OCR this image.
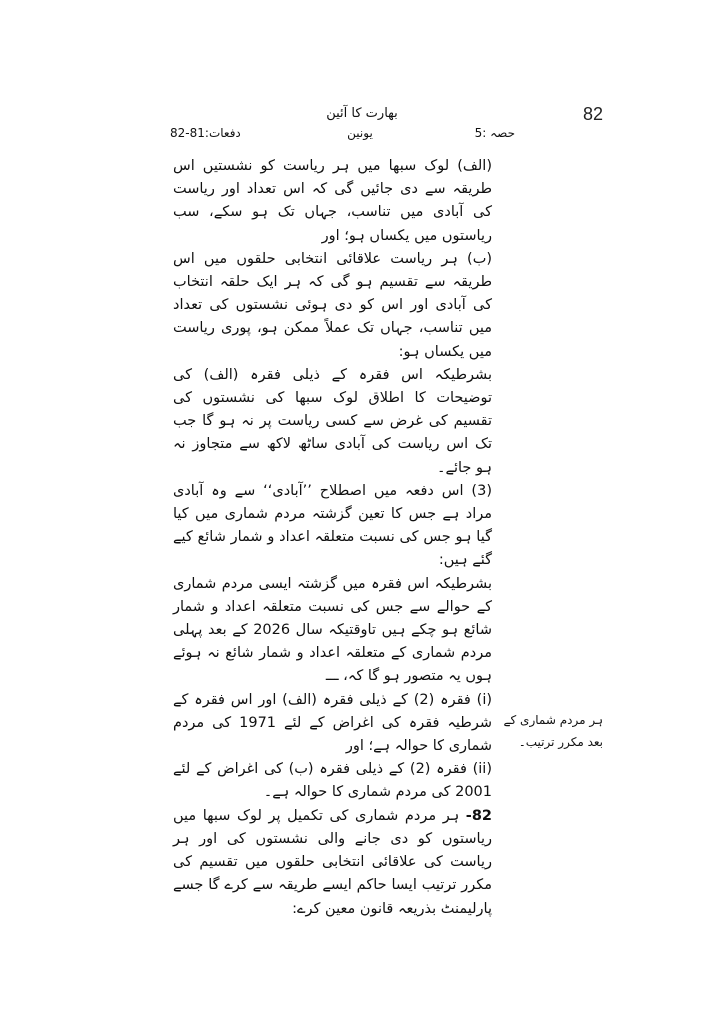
82
بھارت کا آئین
حصہ :5
یونین
دفعات:81-82

(الف) لوک سبھا میں ہر ریاست کو نشستیں اس طریقہ سے دی جائیں گی کہ اس تعداد اور ریاست کی آبادی میں تناسب، جہاں تک ہو سکے، سب ریاستوں میں یکساں ہو؛ اور

(ب) ہر ریاست علاقائی انتخابی حلقوں میں اس طریقہ سے تقسیم ہو گی کہ ہر ایک حلقہ انتخاب کی آبادی اور اس کو دی ہوئی نشستوں کی تعداد میں تناسب، جہاں تک عملاً ممکن ہو، پوری ریاست میں یکساں ہو:

بشرطیکہ اس فقرہ کے ذیلی فقرہ (الف) کی توضیحات کا اطلاق لوک سبھا کی نشستوں کی تقسیم کی غرض سے کسی ریاست پر نہ ہو گا جب تک اس ریاست کی آبادی ساٹھ لاکھ سے متجاوز نہ ہو جائے۔

(3) اس دفعہ میں اصطلاح ’’آبادی‘‘ سے وہ آبادی مراد ہے جس کا تعین گزشتہ مردم شماری میں کیا گیا ہو جس کی نسبت متعلقہ اعداد و شمار شائع کیے گئے ہیں:

بشرطیکہ اس فقرہ میں گزشتہ ایسی مردم شماری کے حوالے سے جس کی نسبت متعلقہ اعداد و شمار شائع ہو چکے ہیں تاوقتیکہ سال 2026 کے بعد پہلی مردم شماری کے متعلقہ اعداد و شمار شائع نہ ہوئے ہوں یہ متصور ہو گا کہ، ـــ

(i) فقرہ (2) کے ذیلی فقرہ (الف) اور اس فقرہ کے شرطیہ فقرہ کی اغراض کے لئے 1971 کی مردم شماری کا حوالہ ہے؛ اور

(ii) فقرہ (2) کے ذیلی فقرہ (ب) کی اغراض کے لئے 2001 کی مردم شماری کا حوالہ ہے۔

82- ہر مردم شماری کی تکمیل پر لوک سبھا میں ریاستوں کو دی جانے والی نشستوں کی اور ہر ریاست کی علاقائی انتخابی حلقوں میں تقسیم کی مکرر ترتیب ایسا حاکم ایسے طریقہ سے کرے گا جسے پارلیمنٹ بذریعہ قانون معین کرے:

ہر مردم شماری کے بعد مکرر ترتیب۔
